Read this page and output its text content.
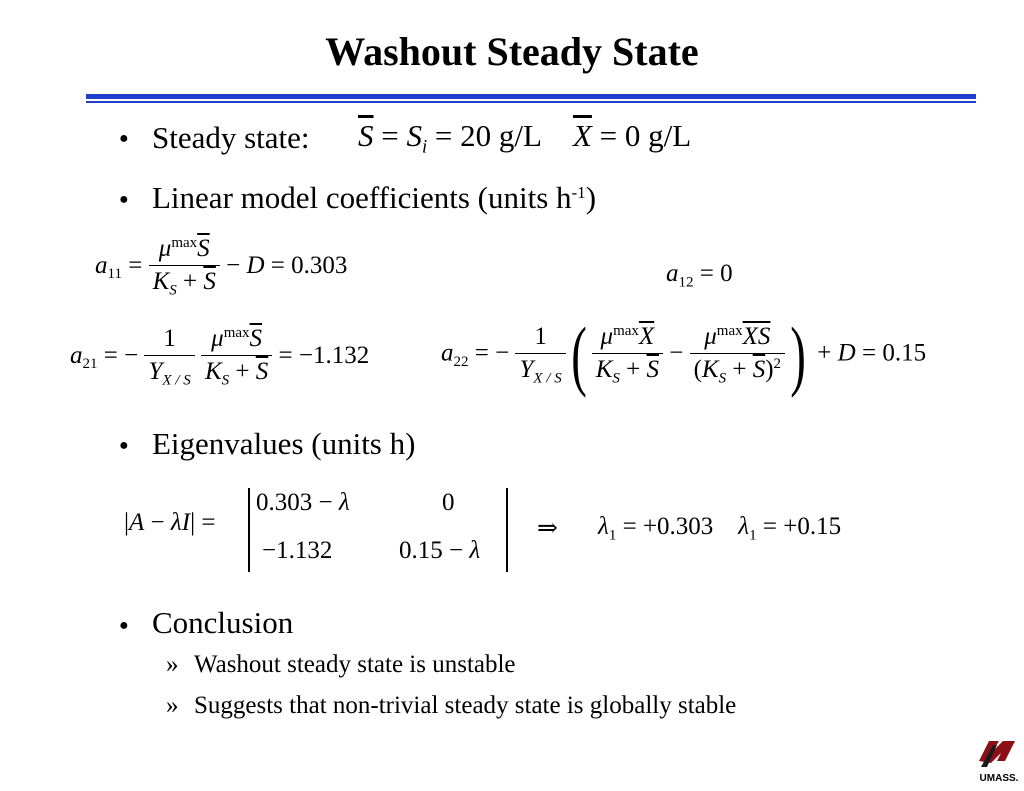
Washout Steady State
● Steady state: $\overline{S} = S_i = 20$ g/L $\overline{X} = 0$ g/L
● Linear model coefficients (units $h^{-1}$)
$a_{11} = \frac{\mu^{max}\overline{S}}{K_S + \overline{S}} - D = 0.303$	$a_{12} = 0$
$a_{21}$ = − $\frac{1}{Y_{X / S}}$
$\frac{\mu^{max}\overline{S}}{K_S + \overline{S}} = -1.132$	$a_{22}$ = − $\frac{1}{Y_{X / S}}$ ( $\frac{\mu^{max}\overline{X}}{K_S + \overline{S}} - \frac{\mu^{max}\overline{XS}}{(K_S + \overline{S})^2}$ ) + D = 0.15
● Eigenvalues (units h)
|A − λI| =
0.303 − λ	0
−1.132	0.15 − λ
⇒ $\lambda_1 = +0.303$ $\lambda_1 = +0.15$
● Conclusion
» Washout steady state is unstable
» Suggests that non-trivial steady state is globally stable
UMASS.
